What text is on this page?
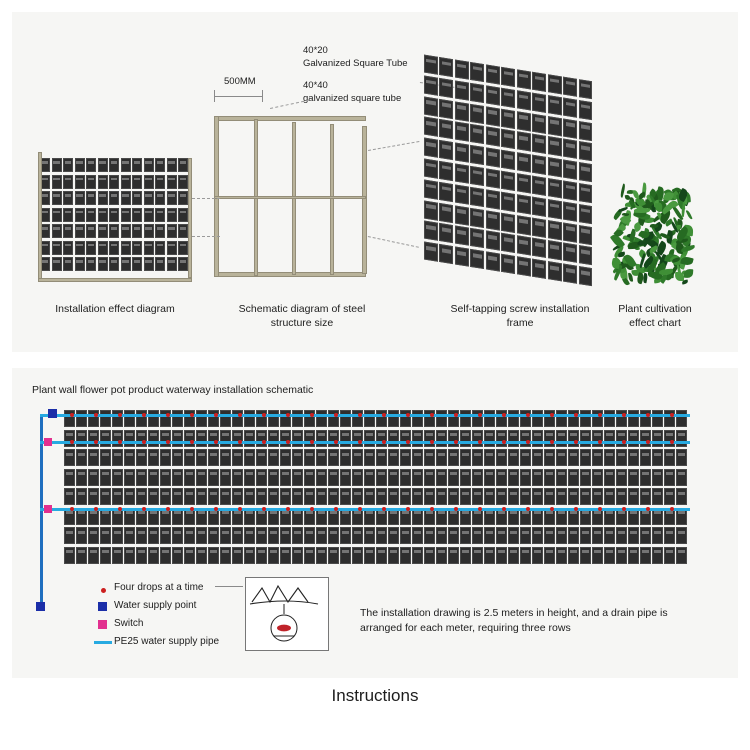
Installation effect diagram
500MM
40*20
Galvanized Square Tube
40*40
galvanized square tube
Schematic diagram of steel structure size
Self-tapping screw installation frame
Plant cultivation effect chart
Plant wall flower pot product waterway installation schematic
Four drops at a time
Water supply point
Switch
PE25 water supply pipe
The installation drawing is 2.5 meters in height, and a drain pipe is arranged for each meter, requiring three rows
Instructions
